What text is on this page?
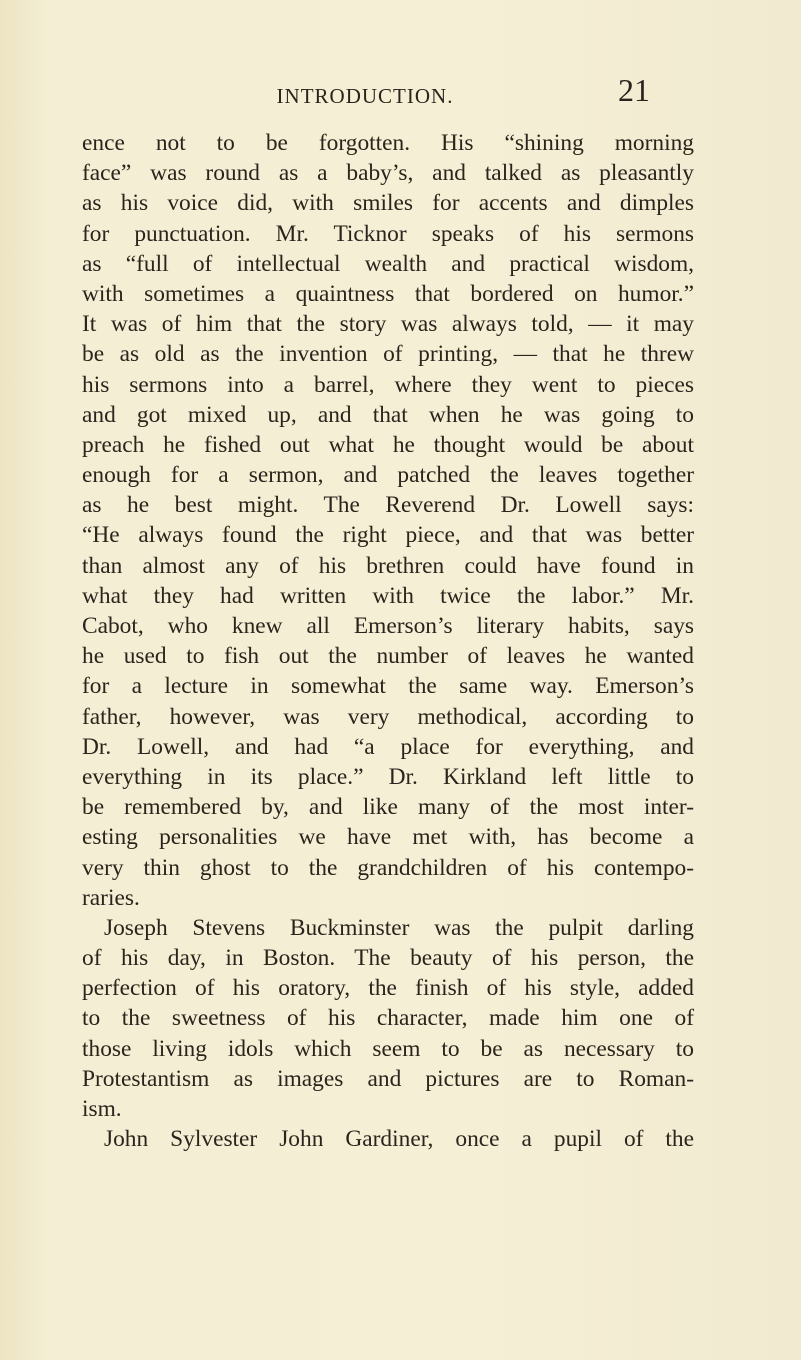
INTRODUCTION.	21
ence not to be forgotten. His “shining morning
face” was round as a baby’s, and talked as pleasantly
as his voice did, with smiles for accents and dimples
for punctuation. Mr. Ticknor speaks of his sermons
as “full of intellectual wealth and practical wisdom,
with sometimes a quaintness that bordered on humor.”
It was of him that the story was always told, — it may
be as old as the invention of printing, — that he threw
his sermons into a barrel, where they went to pieces
and got mixed up, and that when he was going to
preach he fished out what he thought would be about
enough for a sermon, and patched the leaves together
as he best might. The Reverend Dr. Lowell says:
“He always found the right piece, and that was better
than almost any of his brethren could have found in
what they had written with twice the labor.” Mr.
Cabot, who knew all Emerson’s literary habits, says
he used to fish out the number of leaves he wanted
for a lecture in somewhat the same way. Emerson’s
father, however, was very methodical, according to
Dr. Lowell, and had “a place for everything, and
everything in its place.” Dr. Kirkland left little to
be remembered by, and like many of the most inter-
esting personalities we have met with, has become a
very thin ghost to the grandchildren of his contempo-
raries.
Joseph Stevens Buckminster was the pulpit darling
of his day, in Boston. The beauty of his person, the
perfection of his oratory, the finish of his style, added
to the sweetness of his character, made him one of
those living idols which seem to be as necessary to
Protestantism as images and pictures are to Roman-
ism.
John Sylvester John Gardiner, once a pupil of the
